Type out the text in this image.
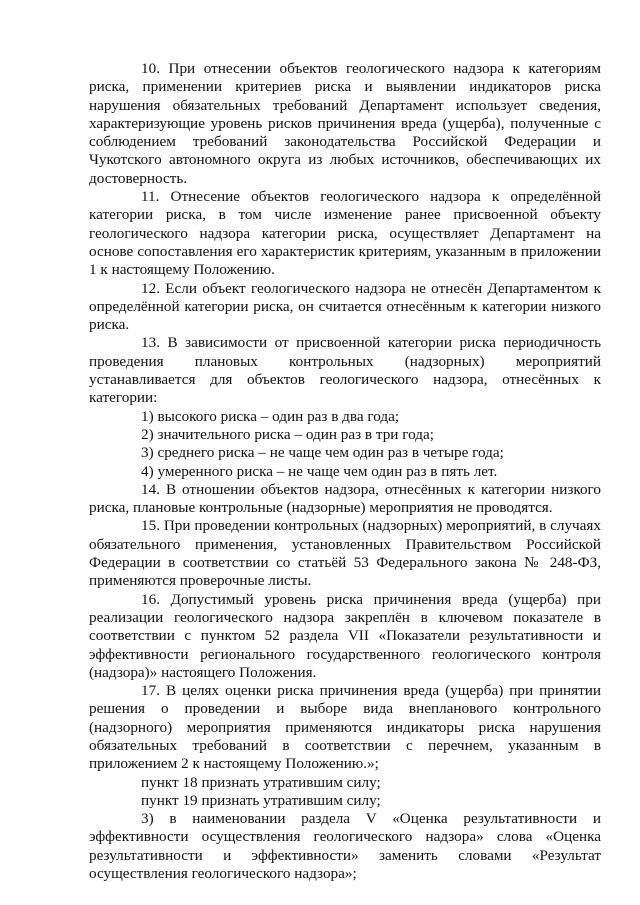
10. При отнесении объектов геологического надзора к категориям риска, применении критериев риска и выявлении индикаторов риска нарушения обязательных требований Департамент использует сведения, характеризующие уровень рисков причинения вреда (ущерба), полученные с соблюдением требований законодательства Российской Федерации и Чукотского автономного округа из любых источников, обеспечивающих их достоверность.

11. Отнесение объектов геологического надзора к определённой категории риска, в том числе изменение ранее присвоенной объекту геологического надзора категории риска, осуществляет Департамент на основе сопоставления его характеристик критериям, указанным в приложении 1 к настоящему Положению.

12. Если объект геологического надзора не отнесён Департаментом к определённой категории риска, он считается отнесённым к категории низкого риска.

13. В зависимости от присвоенной категории риска периодичность проведения плановых контрольных (надзорных) мероприятий устанавливается для объектов геологического надзора, отнесённых к категории:

1) высокого риска – один раз в два года;

2) значительного риска – один раз в три года;

3) среднего риска – не чаще чем один раз в четыре года;

4) умеренного риска – не чаще чем один раз в пять лет.

14. В отношении объектов надзора, отнесённых к категории низкого риска, плановые контрольные (надзорные) мероприятия не проводятся.

15. При проведении контрольных (надзорных) мероприятий, в случаях обязательного применения, установленных Правительством Российской Федерации в соответствии со статьёй 53 Федерального закона № 248-ФЗ, применяются проверочные листы.

16. Допустимый уровень риска причинения вреда (ущерба) при реализации геологического надзора закреплён в ключевом показателе в соответствии с пунктом 52 раздела VII «Показатели результативности и эффективности регионального государственного геологического контроля (надзора)» настоящего Положения.

17. В целях оценки риска причинения вреда (ущерба) при принятии решения о проведении и выборе вида внепланового контрольного (надзорного) мероприятия применяются индикаторы риска нарушения обязательных требований в соответствии с перечнем, указанным в приложением 2 к настоящему Положению.»;

пункт 18 признать утратившим силу;

пункт 19 признать утратившим силу;

3) в наименовании раздела V «Оценка результативности и эффективности осуществления геологического надзора» слова «Оценка результативности и эффективности» заменить словами «Результат осуществления геологического надзора»;
